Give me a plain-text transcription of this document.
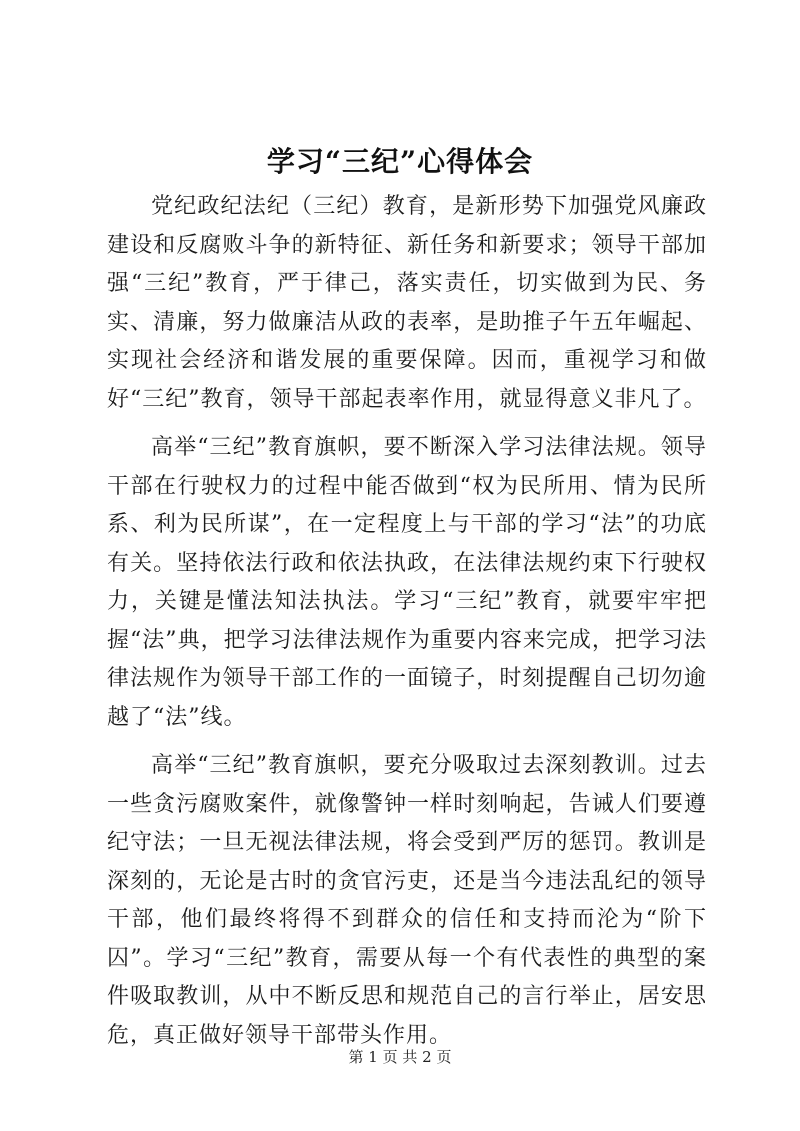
学习“三纪”心得体会

党纪政纪法纪（三纪）教育，是新形势下加强党风廉政建设和反腐败斗争的新特征、新任务和新要求；领导干部加强“三纪”教育，严于律己，落实责任，切实做到为民、务实、清廉，努力做廉洁从政的表率，是助推子午五年崛起、实现社会经济和谐发展的重要保障。因而，重视学习和做好“三纪”教育，领导干部起表率作用，就显得意义非凡了。

高举“三纪”教育旗帜，要不断深入学习法律法规。领导干部在行驶权力的过程中能否做到“权为民所用、情为民所系、利为民所谋”，在一定程度上与干部的学习“法”的功底有关。坚持依法行政和依法执政，在法律法规约束下行驶权力，关键是懂法知法执法。学习“三纪”教育，就要牢牢把握“法”典，把学习法律法规作为重要内容来完成，把学习法律法规作为领导干部工作的一面镜子，时刻提醒自己切勿逾越了“法”线。

高举“三纪”教育旗帜，要充分吸取过去深刻教训。过去一些贪污腐败案件，就像警钟一样时刻响起，告诫人们要遵纪守法；一旦无视法律法规，将会受到严厉的惩罚。教训是深刻的，无论是古时的贪官污吏，还是当今违法乱纪的领导干部，他们最终将得不到群众的信任和支持而沦为“阶下囚”。学习“三纪”教育，需要从每一个有代表性的典型的案件吸取教训，从中不断反思和规范自己的言行举止，居安思危，真正做好领导干部带头作用。

第 1 页 共 2 页
